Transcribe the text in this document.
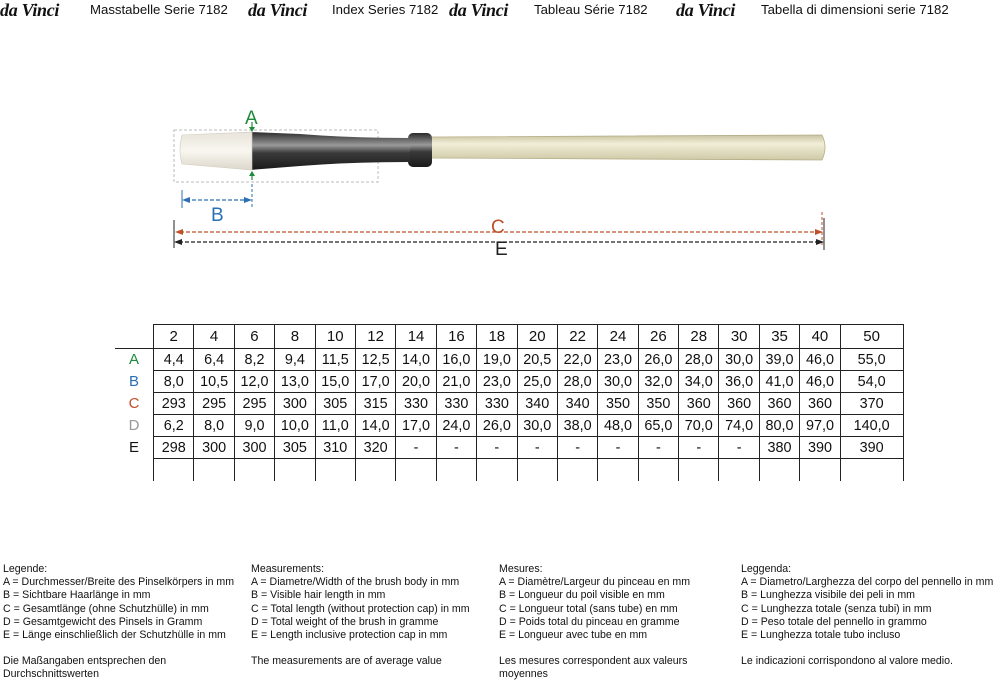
da Vinci Masstabelle Serie 7182 da Vinci Index Series 7182 da Vinci Tableau Série 7182 da Vinci Tabella di dimensioni serie 7182
A
B
C
E
	2	4	6	8	10	12	14	16	18	20	22	24	26	28	30	35	40	50
A	4,4	6,4	8,2	9,4	11,5	12,5	14,0	16,0	19,0	20,5	22,0	23,0	26,0	28,0	30,0	39,0	46,0	55,0
B	8,0	10,5	12,0	13,0	15,0	17,0	20,0	21,0	23,0	25,0	28,0	30,0	32,0	34,0	36,0	41,0	46,0	54,0
C	293	295	295	300	305	315	330	330	330	340	340	350	350	360	360	360	360	370
D	6,2	8,0	9,0	10,0	11,0	14,0	17,0	24,0	26,0	30,0	38,0	48,0	65,0	70,0	74,0	80,0	97,0	140,0
E	298	300	300	305	310	320	-	-	-	-	-	-	-	-	-	380	390	390

Legende:
A = Durchmesser/Breite des Pinselkörpers in mm
B = Sichtbare Haarlänge in mm
C = Gesamtlänge (ohne Schutzhülle) in mm
D = Gesamtgewicht des Pinsels in Gramm
E = Länge einschließlich der Schutzhülle in mm
Die Maßangaben entsprechen den Durchschnittswerten
Measurements:
A = Diametre/Width of the brush body in mm
B = Visible hair length in mm
C = Total length (without protection cap) in mm
D = Total weight of the brush in gramme
E = Length inclusive protection cap in mm
The measurements are of average value
Mesures:
A = Diamètre/Largeur du pinceau en mm
B = Longueur du poil visible en mm
C = Longueur total (sans tube) en mm
D = Poids total du pinceau en gramme
E = Longueur avec tube en mm
Les mesures correspondent aux valeurs moyennes
Leggenda:
A = Diametro/Larghezza del corpo del pennello in mm
B = Lunghezza visibile dei peli in mm
C = Lunghezza totale (senza tubi) in mm
D = Peso totale del pennello in grammo
E = Lunghezza totale tubo incluso
Le indicazioni corrispondono al valore medio.
